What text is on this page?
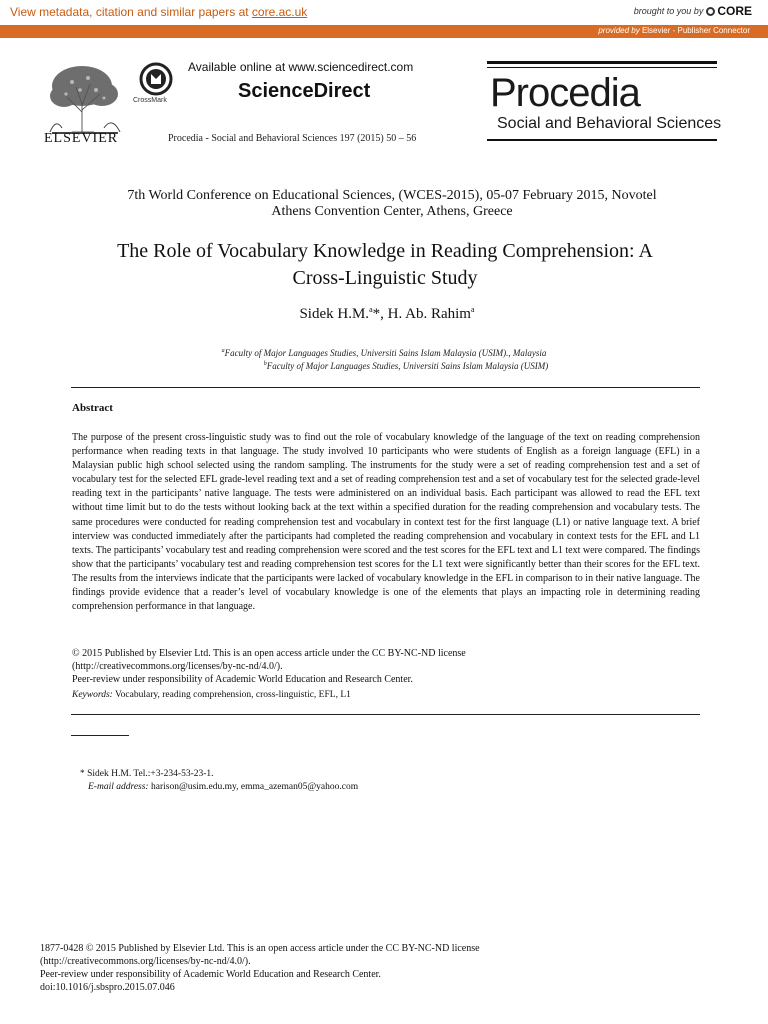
View metadata, citation and similar papers at core.ac.uk	brought to you by CORE
provided by Elsevier - Publisher Connector
ELSEVIER
CrossMark
Available online at www.sciencedirect.com
ScienceDirect
Procedia - Social and Behavioral Sciences 197 (2015) 50 – 56
Procedia
Social and Behavioral Sciences
7th World Conference on Educational Sciences, (WCES-2015), 05-07 February 2015, Novotel
Athens Convention Center, Athens, Greece
The Role of Vocabulary Knowledge in Reading Comprehension: A
Cross-Linguistic Study
Sidek H.M.$^a$*, H. Ab. Rahim$^a$
$^a$Faculty of Major Languages Studies, Universiti Sains Islam Malaysia (USIM)., Malaysia
$^b$Faculty of Major Languages Studies, Universiti Sains Islam Malaysia (USIM)
Abstract
The purpose of the present cross-linguistic study was to find out the role of vocabulary knowledge of the language of the text on reading comprehension performance when reading texts in that language. The study involved 10 participants who were students of English as a foreign language (EFL) in a Malaysian public high school selected using the random sampling. The instruments for the study were a set of reading comprehension test and a set of vocabulary test for the selected EFL grade-level reading text and a set of reading comprehension test and a set of vocabulary test for the selected grade-level reading text in the participants’ native language. The tests were administered on an individual basis. Each participant was allowed to read the EFL text without time limit but to do the tests without looking back at the text within a specified duration for the reading comprehension and vocabulary tests. The same procedures were conducted for reading comprehension test and vocabulary in context test for the first language (L1) or native language text. A brief interview was conducted immediately after the participants had completed the reading comprehension and vocabulary in context tests for the EFL and L1 texts. The participants’ vocabulary test and reading comprehension were scored and the test scores for the EFL text and L1 text were compared. The findings show that the participants’ vocabulary test and reading comprehension test scores for the L1 text were significantly better than their scores for the EFL text. The results from the interviews indicate that the participants were lacked of vocabulary knowledge in the EFL in comparison to in their native language. The findings provide evidence that a reader’s level of vocabulary knowledge is one of the elements that plays an impacting role in determining reading comprehension performance in that language.
© 2015 Published by Elsevier Ltd. This is an open access article under the CC BY-NC-ND license
(http://creativecommons.org/licenses/by-nc-nd/4.0/).
Peer-review under responsibility of Academic World Education and Research Center.
Keywords: Vocabulary, reading comprehension, cross-linguistic, EFL, L1
* Sidek H.M. Tel.:+3-234-53-23-1.
E-mail address: harison@usim.edu.my, emma_azeman05@yahoo.com
1877-0428 © 2015 Published by Elsevier Ltd. This is an open access article under the CC BY-NC-ND license
(http://creativecommons.org/licenses/by-nc-nd/4.0/).
Peer-review under responsibility of Academic World Education and Research Center.
doi:10.1016/j.sbspro.2015.07.046
